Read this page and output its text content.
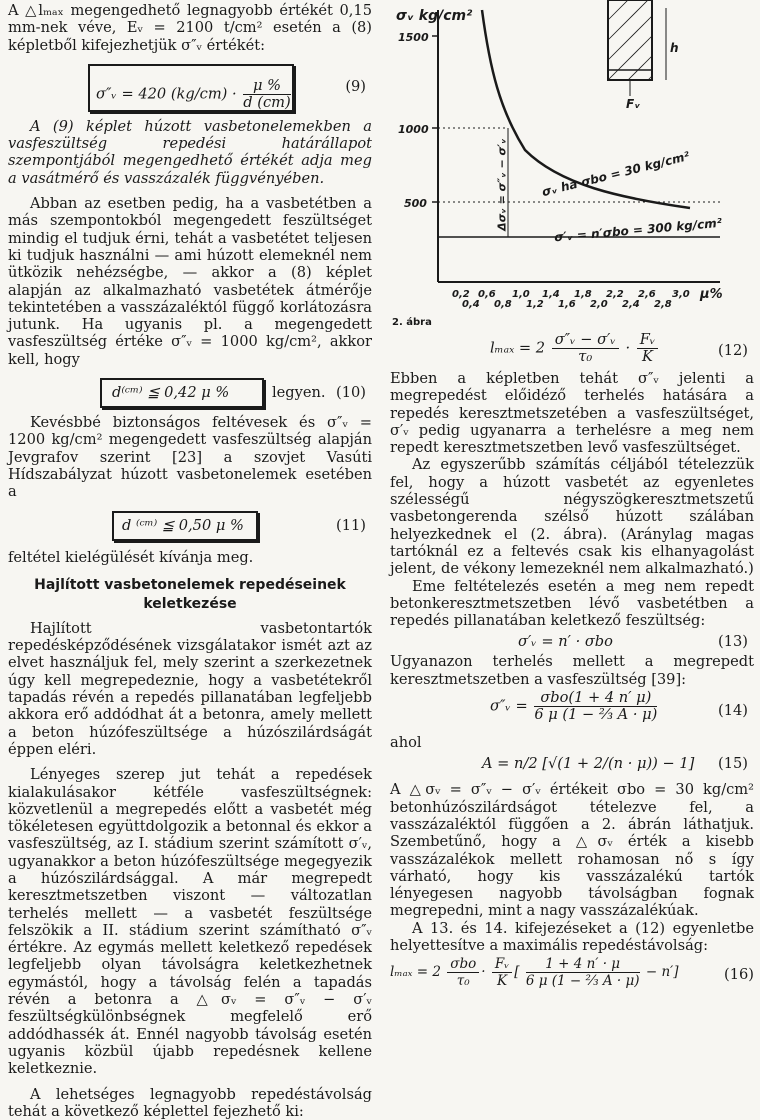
A △lₘₐₓ megengedhető legnagyobb értékét 0,15 mm-nek véve, Eᵥ = 2100 t/cm² esetén a (8) képletből kifejezhetjük σ″ᵥ értékét:

σ″ᵥ = 420 $(kg/cm) \cdot \frac{\mu \%}{d (cm)}$	(9)

A (9) képlet húzott vasbetonelemekben a vasfeszültség repedési határállapot szempontjából megengedhető értékét adja meg a vasátmérő és vasszázalék függvényében.

Abban az esetben pedig, ha a vasbetétben a más szempontokból megengedett feszültséget mindig el tudjuk érni, tehát a vasbetétet teljesen ki tudjuk használni — ami húzott elemeknél nem ütközik nehézségbe, — akkor a (8) képlet alapján az alkalmazható vasbetétek átmérője tekintetében a vasszázaléktól függő korlátozásra jutunk. Ha ugyanis pl. a megengedett vasfeszültség értéke σ″ᵥ = 1000 kg/cm², akkor kell, hogy

d⁽ᶜᵐ⁾ ≦ 0,42 μ %	legyen. (10)

Kevésbbé biztonságos feltévesek és σ″ᵥ = 1200 kg/cm² megengedett vasfeszültség alapján Jevgrafov szerint [23] a szovjet Vasúti Hídszabályzat húzott vasbetonelemek esetében a

d ⁽ᶜᵐ⁾ ≦ 0,50 μ %	(11)

feltétel kielégülését kívánja meg.

Hajlított vasbetonelemek repedéseinek keletkezése

Hajlított vasbetontartók repedésképződésének vizsgálatakor ismét azt az elvet használjuk fel, mely szerint a szerkezetnek úgy kell megrepedeznie, hogy a vasbetétekről tapadás révén a repedés pillanatában legfeljebb akkora erő addódhat át a betonra, amely mellett a beton húzófeszültsége a húzószilárdságát éppen eléri.

Lényeges szerep jut tehát a repedések kialakulásakor kétféle vasfeszültségnek: közvetlenül a megrepedés előtt a vasbetét még tökéletesen együttdolgozik a betonnal és ekkor a vasfeszültség, az I. stádium szerint számított σ′ᵥ, ugyanakkor a beton húzófeszültsége megegyezik a húzószilárdsággal. A már megrepedt keresztmetszetben viszont — változatlan terhelés mellett — a vasbetét feszültsége felszökik a II. stádium szerint számítható σ″ᵥ értékre. Az egymás mellett keletkező repedések legfeljebb olyan távolságra keletkezhetnek egymástól, hogy a távolság felén a tapadás révén a betonra a △σᵥ = σ″ᵥ − σ′ᵥ feszültségkülönbségnek megfelelő erő addódhassék át. Ennél nagyobb távolság esetén ugyanis közbül újabb repedésnek kellene keletkeznie.

A lehetséges legnagyobb repedéstávolság tehát a következő képlettel fejezhető ki:

σᵥ kg/cm²
1500
1000
500
0,2
0,4
0,6
0,8
1,0
1,2
1,4
1,6
1,8
2,0
2,2
2,4
2,6
2,8
3,0 μ%
σᵥ ha σbo = 30 kg/cm²
σ′ᵥ = n′σbo = 300 kg/cm²
Δσᵥ = σ″ᵥ − σ′ᵥ
h
Fᵥ
2. ábra
$l_{max} = 2 \frac{\text{σ″ᵥ − σ′ᵥ}}{\text{τ₀}} \cdot \frac{\text{Fᵥ}}{K}$	(12)

Ebben a képletben tehát σ″ᵥ jelenti a megrepedést előidéző terhelés hatására a repedés keresztmetszetében a vasfeszültséget, σ′ᵥ pedig ugyanarra a terhelésre a meg nem repedt keresztmetszetben levő vasfeszültséget.

Az egyszerűbb számítás céljából tételezzük fel, hogy a húzott vasbetét az egyenletes szélességű négyszögkeresztmetszetű vasbetongerenda szélső húzott szálában helyezkednek el (2. ábra). (Aránylag magas tartóknál ez a feltevés csak kis elhanyagolást jelent, de vékony lemezeknél nem alkalmazható.)

Eme feltételezés esetén a meg nem repedt betonkeresztmetszetben lévő vasbetétben a repedés pillanatában keletkező feszültség:

σ′ᵥ = n′ · σbo	(13)

Ugyanazon terhelés mellett a megrepedt keresztmetszetben a vasfeszültség [39]:

σ″ᵥ = $\frac{\text{σbo(1 + 4 n′ μ)}}{\text{6 μ (1 − ⅔ A · μ)}}$	(14)

ahol

A = n/2 [√(1 + 2/(n · μ)) − 1] (15)

A △σᵥ = σ″ᵥ − σ′ᵥ értékeit σbo = 30 kg/cm² betonhúzószilárdságot tételezve fel, a vasszázaléktól függően a 2. ábrán láthatjuk. Szembetűnő, hogy a △σᵥ érték a kisebb vasszázalékok mellett rohamosan nő s így várható, hogy kis vasszázalékú tartók lényegesen nagyobb távolságban fognak megrepedni, mint a nagy vasszázalékúak.

A 13. és 14. kifejezéseket a (12) egyenletbe helyettesítve a maximális repedéstávolság:

$l_{max} = 2 \frac{\text{σbo}}{\text{τ₀}} \cdot \frac{\text{Fᵥ}}{K}$ [ $\frac{1 + 4 n' \cdot \mu}{\text{6 μ (1 − ⅔ A · μ)}} - n'$]	(16)
